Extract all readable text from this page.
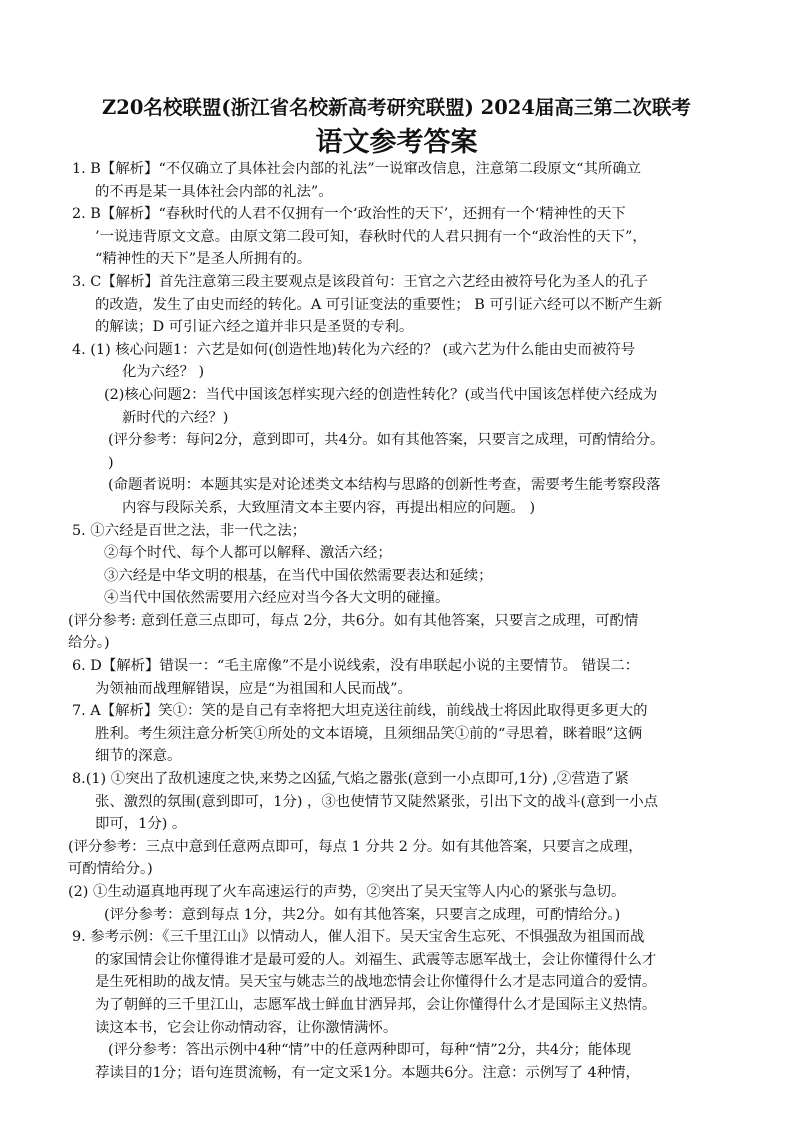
Z20名校联盟(浙江省名校新高考研究联盟) 2024届高三第二次联考
语文参考答案

1. B【解析】“不仅确立了具体社会内部的礼法”一说窜改信息，注意第二段原文“其所确立

的不再是某一具体社会内部的礼法”。

2. B【解析】“春秋时代的人君不仅拥有一个‘政治性的天下’，还拥有一个‘精神性的天下

’一说违背原文文意。由原文第二段可知，春秋时代的人君只拥有一个“政治性的天下”，

“精神性的天下”是圣人所拥有的。

3. C【解析】首先注意第三段主要观点是该段首句：王官之六艺经由被符号化为圣人的孔子

的改造，发生了由史而经的转化。A 可引证变法的重要性； B 可引证六经可以不断产生新

的解读；D 可引证六经之道并非只是圣贤的专利。

4. (1) 核心问题1：六艺是如何(创造性地)转化为六经的？ (或六艺为什么能由史而被符号

化为六经？ )

(2)核心问题2：当代中国该怎样实现六经的创造性转化？(或当代中国该怎样使六经成为

新时代的六经？)

(评分参考：每问2分，意到即可，共4分。如有其他答案，只要言之成理，可酌情给分。

)

(命题者说明：本题其实是对论述类文本结构与思路的创新性考查，需要考生能考察段落

内容与段际关系，大致厘清文本主要内容，再提出相应的问题。 )

5. ①六经是百世之法，非一代之法；

②每个时代、每个人都可以解释、激活六经；

③六经是中华文明的根基，在当代中国依然需要表达和延续；

④当代中国依然需要用六经应对当今各大文明的碰撞。

(评分参考: 意到任意三点即可，每点 2分，共6分。如有其他答案，只要言之成理，可酌情

给分。)

6. D【解析】错误一：“毛主席像”不是小说线索，没有串联起小说的主要情节。 错误二：

为领袖而战理解错误，应是“为祖国和人民而战”。

7. A【解析】笑①：笑的是自己有幸将把大坦克送往前线，前线战士将因此取得更多更大的

胜利。考生须注意分析笑①所处的文本语境，且须细品笑①前的“寻思着，眯着眼”这俩

细节的深意。

8.(1) ①突出了敌机速度之快,来势之凶猛,气焰之嚣张(意到一小点即可,1分) ,②营造了紧

张、激烈的氛围(意到即可，1分) ，③也使情节又陡然紧张，引出下文的战斗(意到一小点

即可，1分) 。

(评分参考：三点中意到任意两点即可，每点 1 分共 2 分。如有其他答案，只要言之成理，

可酌情给分。)

(2) ①生动逼真地再现了火车高速运行的声势，②突出了吴天宝等人内心的紧张与急切。

(评分参考：意到每点 1分，共2分。如有其他答案，只要言之成理，可酌情给分。)

9. 参考示例：《三千里江山》以情动人，催人泪下。吴天宝舍生忘死、不惧强敌为祖国而战

的家国情会让你懂得谁才是最可爱的人。刘福生、武震等志愿军战士，会让你懂得什么才

是生死相助的战友情。吴天宝与姚志兰的战地恋情会让你懂得什么才是志同道合的爱情。

为了朝鲜的三千里江山，志愿军战士鲜血甘洒异邦，会让你懂得什么才是国际主义热情。

读这本书，它会让你动情动容，让你激情满怀。

(评分参考：答出示例中4种“情”中的任意两种即可，每种“情”2分，共4分；能体现

荐读目的1分；语句连贯流畅，有一定文采1分。本题共6分。注意：示例写了 4种情，
